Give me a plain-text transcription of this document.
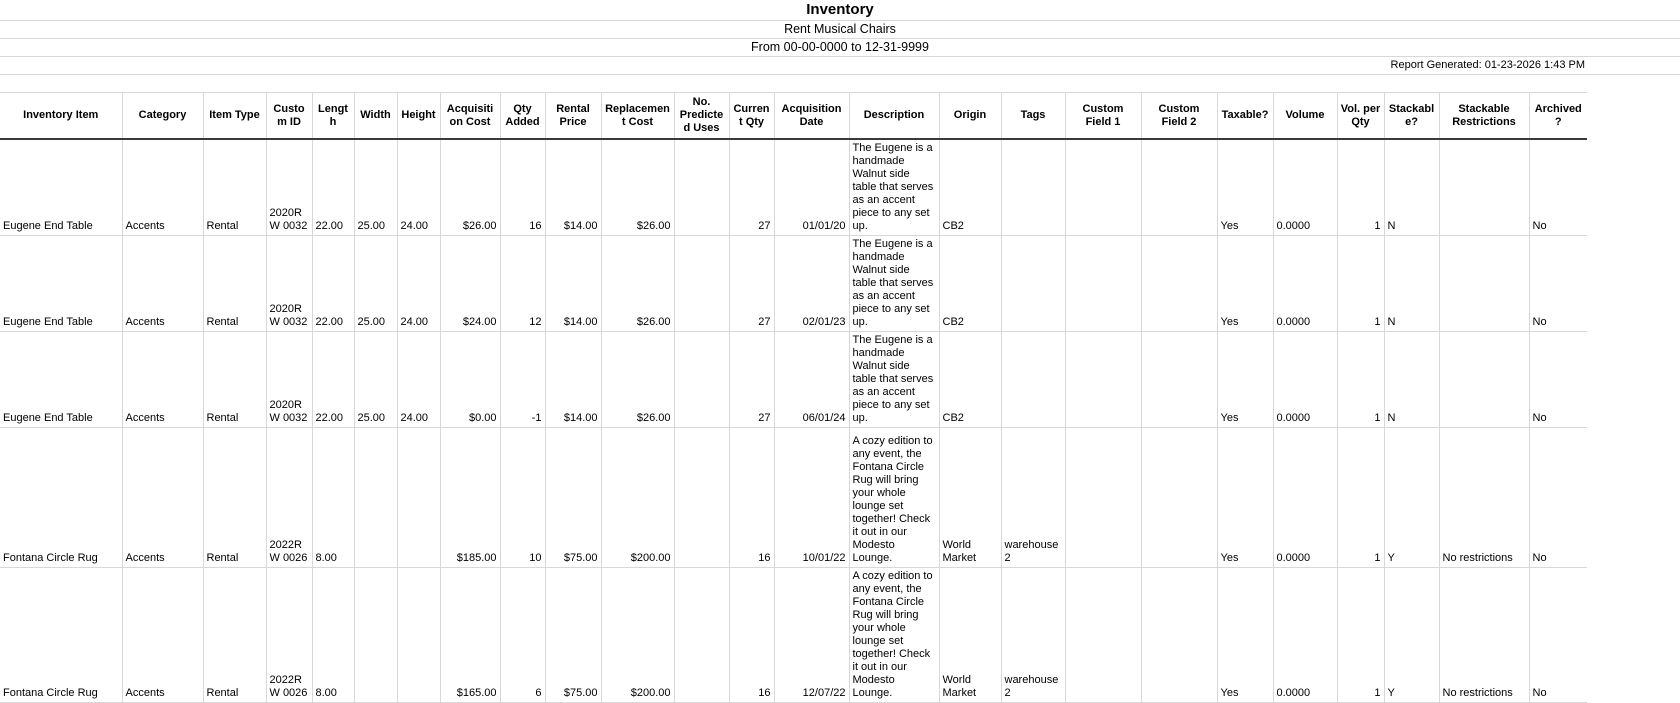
Inventory
Rent Musical Chairs
From 00-00-0000 to 12-31-9999
Report Generated: 01-23-2026 1:43 PM
Inventory Item	Category	Item Type	Custom ID	Length	Width	Height	Acquisition Cost	Qty Added	Rental Price	Replacement Cost	No. Predicted Uses	Current Qty	Acquisition Date	Description	Origin	Tags	Custom Field 1	Custom Field 2	Taxable?	Volume	Vol. per Qty	Stackable?	Stackable Restrictions	Archived?
Eugene End Table	Accents	Rental	2020RW 0032	22.00	25.00	24.00	$26.00	16	$14.00	$26.00		27	01/01/20	The Eugene is a handmade Walnut side table that serves as an accent piece to any set up.	CB2				Yes	0.0000	1	N		No
Eugene End Table	Accents	Rental	2020RW 0032	22.00	25.00	24.00	$24.00	12	$14.00	$26.00		27	02/01/23	The Eugene is a handmade Walnut side table that serves as an accent piece to any set up.	CB2				Yes	0.0000	1	N		No
Eugene End Table	Accents	Rental	2020RW 0032	22.00	25.00	24.00	$0.00	-1	$14.00	$26.00		27	06/01/24	The Eugene is a handmade Walnut side table that serves as an accent piece to any set up.	CB2				Yes	0.0000	1	N		No
Fontana Circle Rug	Accents	Rental	2022RW 0026	8.00			$185.00	10	$75.00	$200.00		16	10/01/22	A cozy edition to any event, the Fontana Circle Rug will bring your whole lounge set together! Check it out in our Modesto Lounge.	World Market	warehouse 2			Yes	0.0000	1	Y	No restrictions	No
Fontana Circle Rug	Accents	Rental	2022RW 0026	8.00			$165.00	6	$75.00	$200.00		16	12/07/22	A cozy edition to any event, the Fontana Circle Rug will bring your whole lounge set together! Check it out in our Modesto Lounge.	World Market	warehouse 2			Yes	0.0000	1	Y	No restrictions	No
